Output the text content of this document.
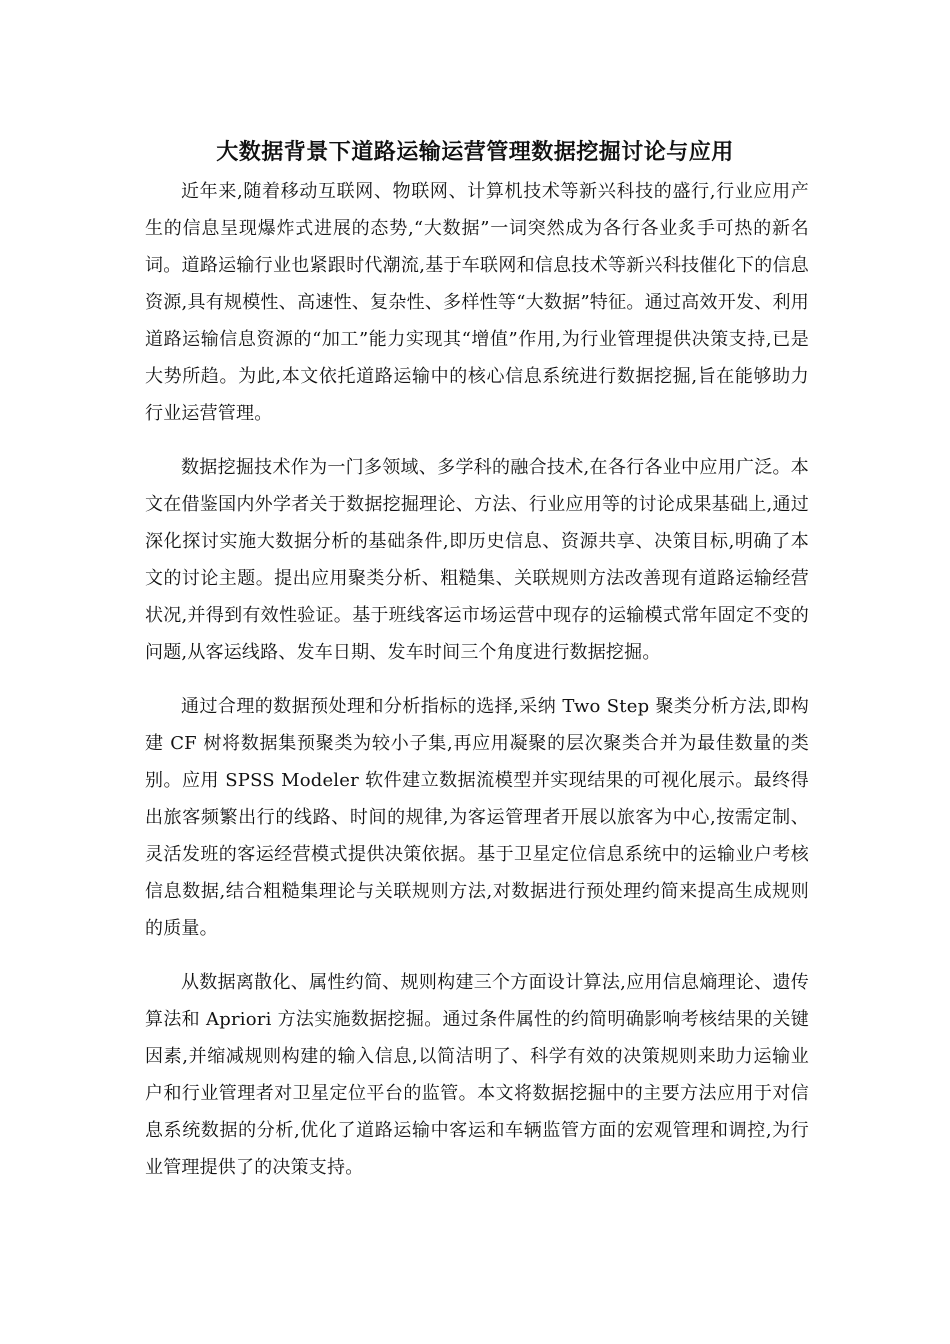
大数据背景下道路运输运营管理数据挖掘讨论与应用

近年来,随着移动互联网、物联网、计算机技术等新兴科技的盛行,行业应用产生的信息呈现爆炸式进展的态势,“大数据”一词突然成为各行各业炙手可热的新名词。道路运输行业也紧跟时代潮流,基于车联网和信息技术等新兴科技催化下的信息资源,具有规模性、高速性、复杂性、多样性等“大数据”特征。通过高效开发、利用道路运输信息资源的“加工”能力实现其“增值”作用,为行业管理提供决策支持,已是大势所趋。为此,本文依托道路运输中的核心信息系统进行数据挖掘,旨在能够助力行业运营管理。

数据挖掘技术作为一门多领域、多学科的融合技术,在各行各业中应用广泛。本文在借鉴国内外学者关于数据挖掘理论、方法、行业应用等的讨论成果基础上,通过深化探讨实施大数据分析的基础条件,即历史信息、资源共享、决策目标,明确了本文的讨论主题。提出应用聚类分析、粗糙集、关联规则方法改善现有道路运输经营状况,并得到有效性验证。基于班线客运市场运营中现存的运输模式常年固定不变的问题,从客运线路、发车日期、发车时间三个角度进行数据挖掘。

通过合理的数据预处理和分析指标的选择,采纳 Two Step 聚类分析方法,即构建 CF 树将数据集预聚类为较小子集,再应用凝聚的层次聚类合并为最佳数量的类别。应用 SPSS Modeler 软件建立数据流模型并实现结果的可视化展示。最终得出旅客频繁出行的线路、时间的规律,为客运管理者开展以旅客为中心,按需定制、灵活发班的客运经营模式提供决策依据。基于卫星定位信息系统中的运输业户考核信息数据,结合粗糙集理论与关联规则方法,对数据进行预处理约简来提高生成规则的质量。

从数据离散化、属性约简、规则构建三个方面设计算法,应用信息熵理论、遗传算法和 Apriori 方法实施数据挖掘。通过条件属性的约简明确影响考核结果的关键因素,并缩减规则构建的输入信息,以简洁明了、科学有效的决策规则来助力运输业户和行业管理者对卫星定位平台的监管。本文将数据挖掘中的主要方法应用于对信息系统数据的分析,优化了道路运输中客运和车辆监管方面的宏观管理和调控,为行业管理提供了的决策支持。
